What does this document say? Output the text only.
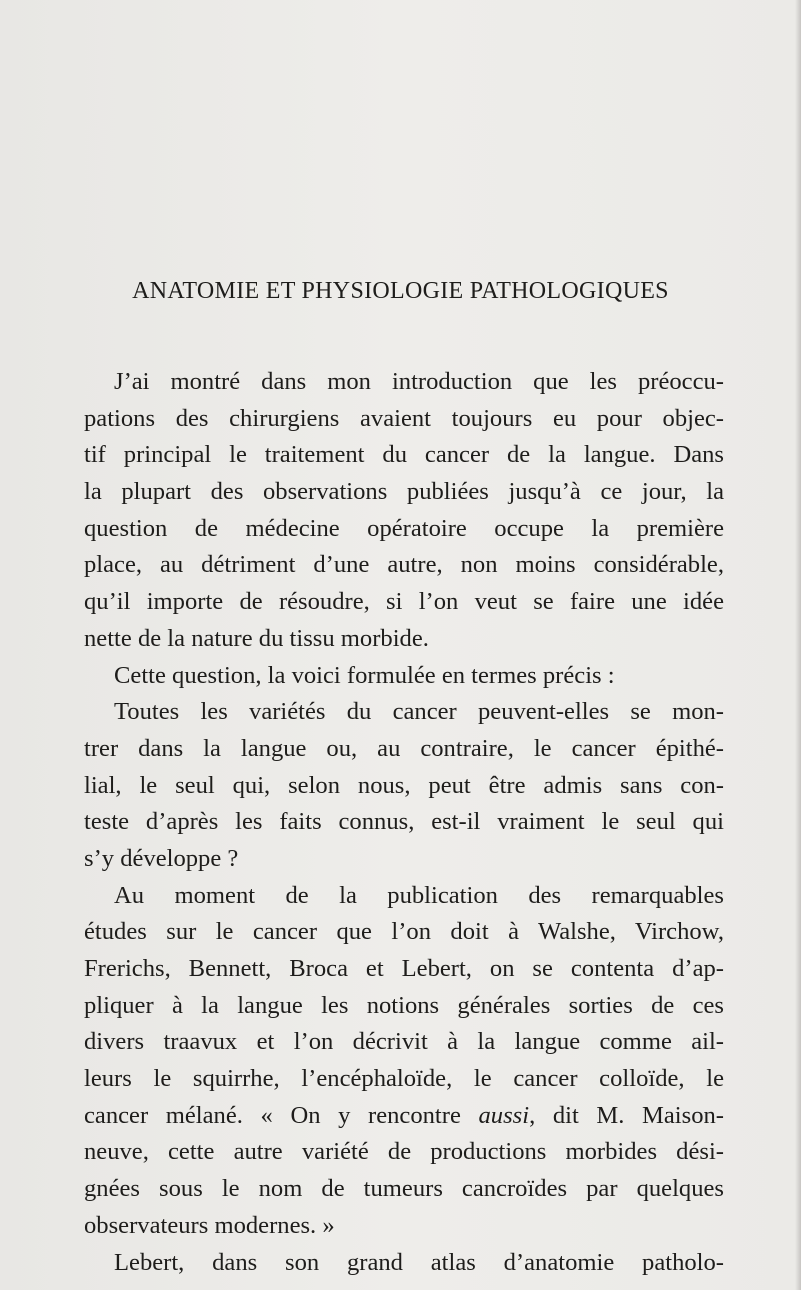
ANATOMIE ET PHYSIOLOGIE PATHOLOGIQUES
J’ai montré dans mon introduction que les préoccu-
pations des chirurgiens avaient toujours eu pour objec-
tif principal le traitement du cancer de la langue. Dans
la plupart des observations publiées jusqu’à ce jour, la
question de médecine opératoire occupe la première
place, au détriment d’une autre, non moins considérable,
qu’il importe de résoudre, si l’on veut se faire une idée
nette de la nature du tissu morbide.
Cette question, la voici formulée en termes précis :
Toutes les variétés du cancer peuvent-elles se mon-
trer dans la langue ou, au contraire, le cancer épithé-
lial, le seul qui, selon nous, peut être admis sans con-
teste d’après les faits connus, est-il vraiment le seul qui
s’y développe ?
Au moment de la publication des remarquables
études sur le cancer que l’on doit à Walshe, Virchow,
Frerichs, Bennett, Broca et Lebert, on se contenta d’ap-
pliquer à la langue les notions générales sorties de ces
divers traavux et l’on décrivit à la langue comme ail-
leurs le squirrhe, l’encéphaloïde, le cancer colloïde, le
cancer mélané. « On y rencontre aussi, dit M. Maison-
neuve, cette autre variété de productions morbides dési-
gnées sous le nom de tumeurs cancroïdes par quelques
observateurs modernes. »
Lebert, dans son grand atlas d’anatomie patholo-
